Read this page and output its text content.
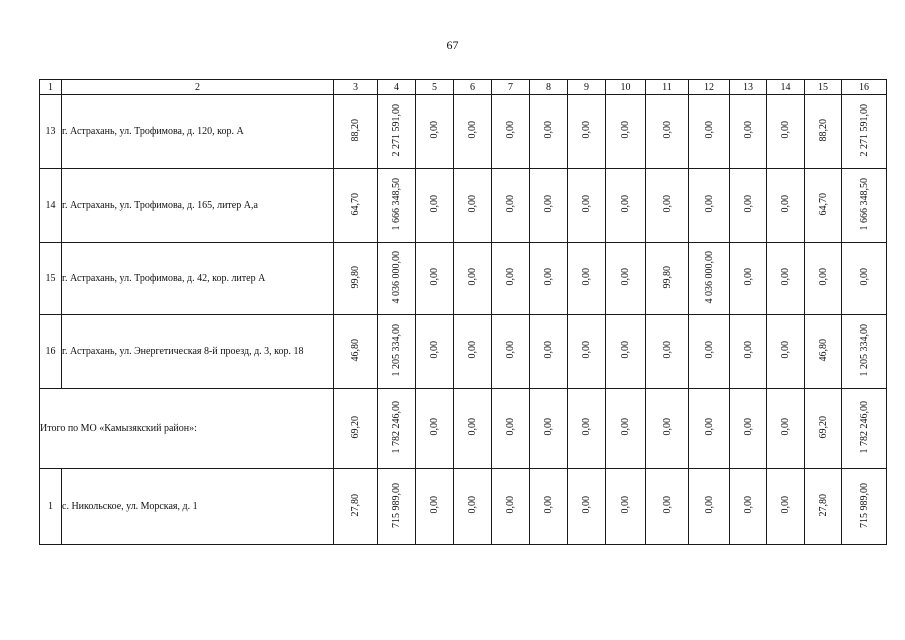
67
1	2	3	4	5	6	7	8	9	10	11	12	13	14	15	16
13	г. Астрахань, ул. Трофимова, д. 120, кор. А	88,20	2 271 591,00	0,00	0,00	0,00	0,00	0,00	0,00	0,00	0,00	0,00	0,00	88,20	2 271 591,00
14	г. Астрахань, ул. Трофимова, д. 165, литер А,а	64,70	1 666 348,50	0,00	0,00	0,00	0,00	0,00	0,00	0,00	0,00	0,00	0,00	64,70	1 666 348,50
15	г. Астрахань, ул. Трофимова, д. 42, кор. литер А	99,80	4 036 000,00	0,00	0,00	0,00	0,00	0,00	0,00	99,80	4 036 000,00	0,00	0,00	0,00	0,00
16	г. Астрахань, ул. Энергетическая 8-й проезд, д. 3, кор. 18	46,80	1 205 334,00	0,00	0,00	0,00	0,00	0,00	0,00	0,00	0,00	0,00	0,00	46,80	1 205 334,00
Итого по МО «Камызякский район»:		69,20	1 782 246,00	0,00	0,00	0,00	0,00	0,00	0,00	0,00	0,00	0,00	0,00	69,20	1 782 246,00
1	с. Никольское, ул. Морская, д. 1	27,80	715 989,00	0,00	0,00	0,00	0,00	0,00	0,00	0,00	0,00	0,00	0,00	27,80	715 989,00
